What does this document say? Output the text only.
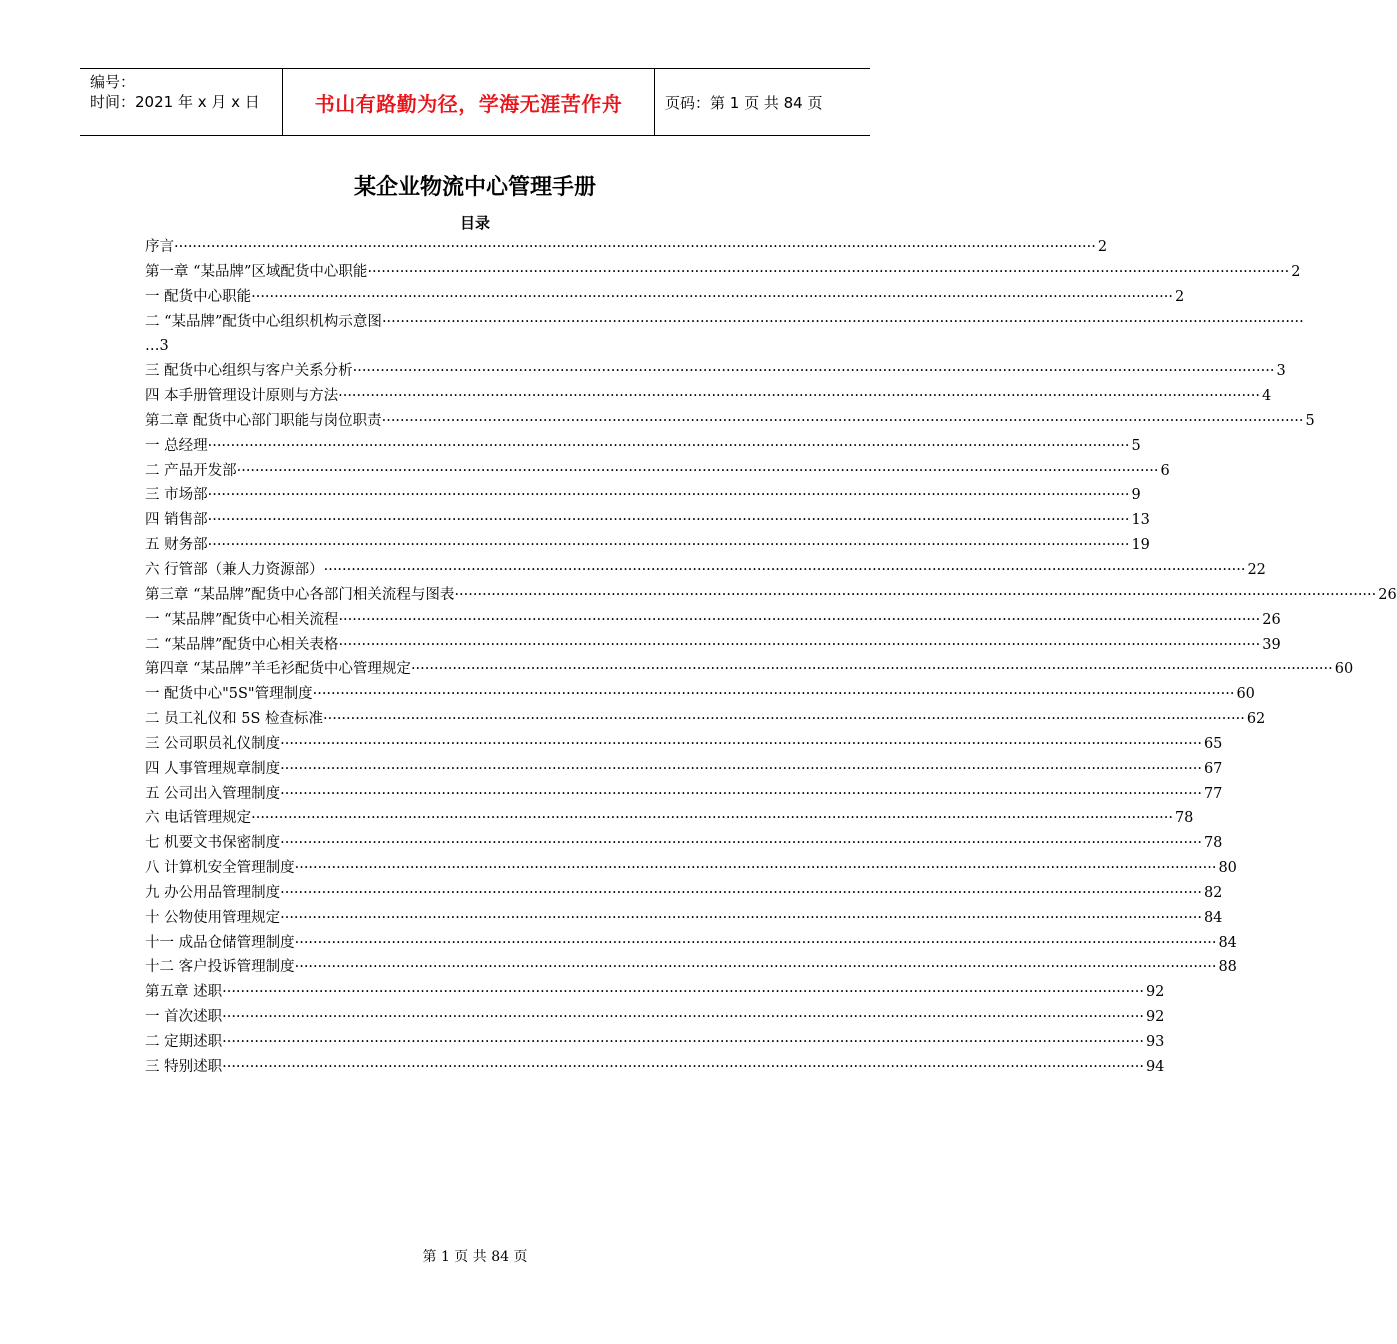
编号：
时间：2021 年 x 月 x 日	书山有路勤为径，学海无涯苦作舟	页码：第 1 页 共 84 页
某企业物流中心管理手册
目录
序言 ········································································································································································································ 2
第一章 “某品牌”区域配货中心职能 ········································································································································································································ 2
一 配货中心职能 ········································································································································································································ 2
二 “某品牌”配货中心组织机构示意图 ········································································································································································································
…3
三 配货中心组织与客户关系分析 ········································································································································································································ 3
四 本手册管理设计原则与方法 ········································································································································································································ 4
第二章 配货中心部门职能与岗位职责 ········································································································································································································ 5
一 总经理 ········································································································································································································ 5
二 产品开发部 ········································································································································································································ 6
三 市场部 ········································································································································································································ 9
四 销售部 ········································································································································································································ 13
五 财务部 ········································································································································································································ 19
六 行管部（兼人力资源部） ········································································································································································································ 22
第三章 “某品牌”配货中心各部门相关流程与图表 ········································································································································································································ 26
一 “某品牌”配货中心相关流程 ········································································································································································································ 26
二 “某品牌”配货中心相关表格 ········································································································································································································ 39
第四章 “某品牌”羊毛衫配货中心管理规定 ········································································································································································································ 60
一 配货中心"5S"管理制度 ········································································································································································································ 60
二 员工礼仪和 5S 检查标准 ········································································································································································································ 62
三 公司职员礼仪制度 ········································································································································································································ 65
四 人事管理规章制度 ········································································································································································································ 67
五 公司出入管理制度 ········································································································································································································ 77
六 电话管理规定 ········································································································································································································ 78
七 机要文书保密制度 ········································································································································································································ 78
八 计算机安全管理制度 ········································································································································································································ 80
九 办公用品管理制度 ········································································································································································································ 82
十 公物使用管理规定 ········································································································································································································ 84
十一 成品仓储管理制度 ········································································································································································································ 84
十二 客户投诉管理制度 ········································································································································································································ 88
第五章 述职 ········································································································································································································ 92
一 首次述职 ········································································································································································································ 92
二 定期述职 ········································································································································································································ 93
三 特别述职 ········································································································································································································ 94
第 1 页 共 84 页
